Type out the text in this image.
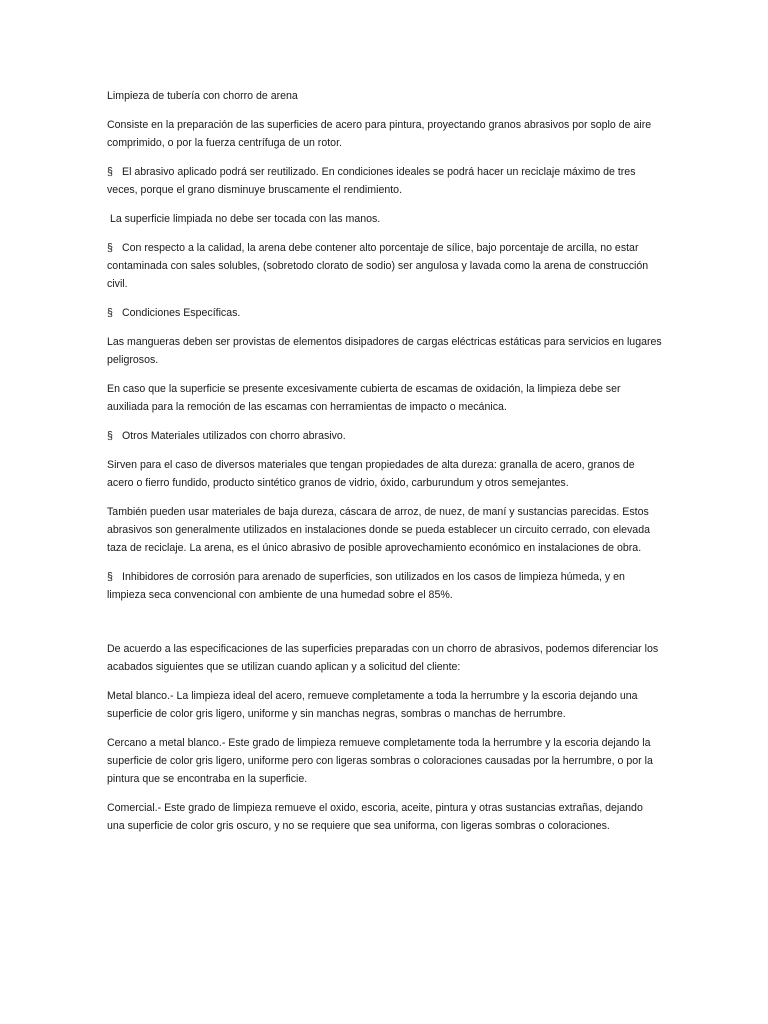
Limpieza de tubería con chorro de arena

Consiste en la preparación de las superficies de acero para pintura, proyectando granos abrasivos por soplo de aire comprimido, o por la fuerza centrífuga de un rotor.

§ El abrasivo aplicado podrá ser reutilizado. En condiciones ideales se podrá hacer un reciclaje máximo de tres veces, porque el grano disminuye bruscamente el rendimiento.

La superficie limpiada no debe ser tocada con las manos.

§ Con respecto a la calidad, la arena debe contener alto porcentaje de sílice, bajo porcentaje de arcilla, no estar contaminada con sales solubles, (sobretodo clorato de sodio) ser angulosa y lavada como la arena de construcción civil.

§ Condiciones Específicas.

Las mangueras deben ser provistas de elementos disipadores de cargas eléctricas estáticas para servicios en lugares peligrosos.

En caso que la superficie se presente excesivamente cubierta de escamas de oxidación, la limpieza debe ser auxiliada para la remoción de las escamas con herramientas de impacto o mecánica.

§ Otros Materiales utilizados con chorro abrasivo.

Sirven para el caso de diversos materiales que tengan propiedades de alta dureza: granalla de acero, granos de acero o fierro fundido, producto sintético granos de vidrio, óxido, carburundum y otros semejantes.

También pueden usar materiales de baja dureza, cáscara de arroz, de nuez, de maní y sustancias parecidas. Estos abrasivos son generalmente utilizados en instalaciones donde se pueda establecer un circuito cerrado, con elevada taza de reciclaje. La arena, es el único abrasivo de posible aprovechamiento económico en instalaciones de obra.

§ Inhibidores de corrosión para arenado de superficies, son utilizados en los casos de limpieza húmeda, y en limpieza seca convencional con ambiente de una humedad sobre el 85%.

De acuerdo a las especificaciones de las superficies preparadas con un chorro de abrasivos, podemos diferenciar los acabados siguientes que se utilizan cuando aplican y a solicitud del cliente:

Metal blanco.- La limpieza ideal del acero, remueve completamente a toda la herrumbre y la escoria dejando una superficie de color gris ligero, uniforme y sin manchas negras, sombras o manchas de herrumbre.

Cercano a metal blanco.- Este grado de limpieza remueve completamente toda la herrumbre y la escoria dejando la superficie de color gris ligero, uniforme pero con ligeras sombras o coloraciones causadas por la herrumbre, o por la pintura que se encontraba en la superficie.

Comercial.- Este grado de limpieza remueve el oxido, escoria, aceite, pintura y otras sustancias extrañas, dejando una superficie de color gris oscuro, y no se requiere que sea uniforma, con ligeras sombras o coloraciones.
